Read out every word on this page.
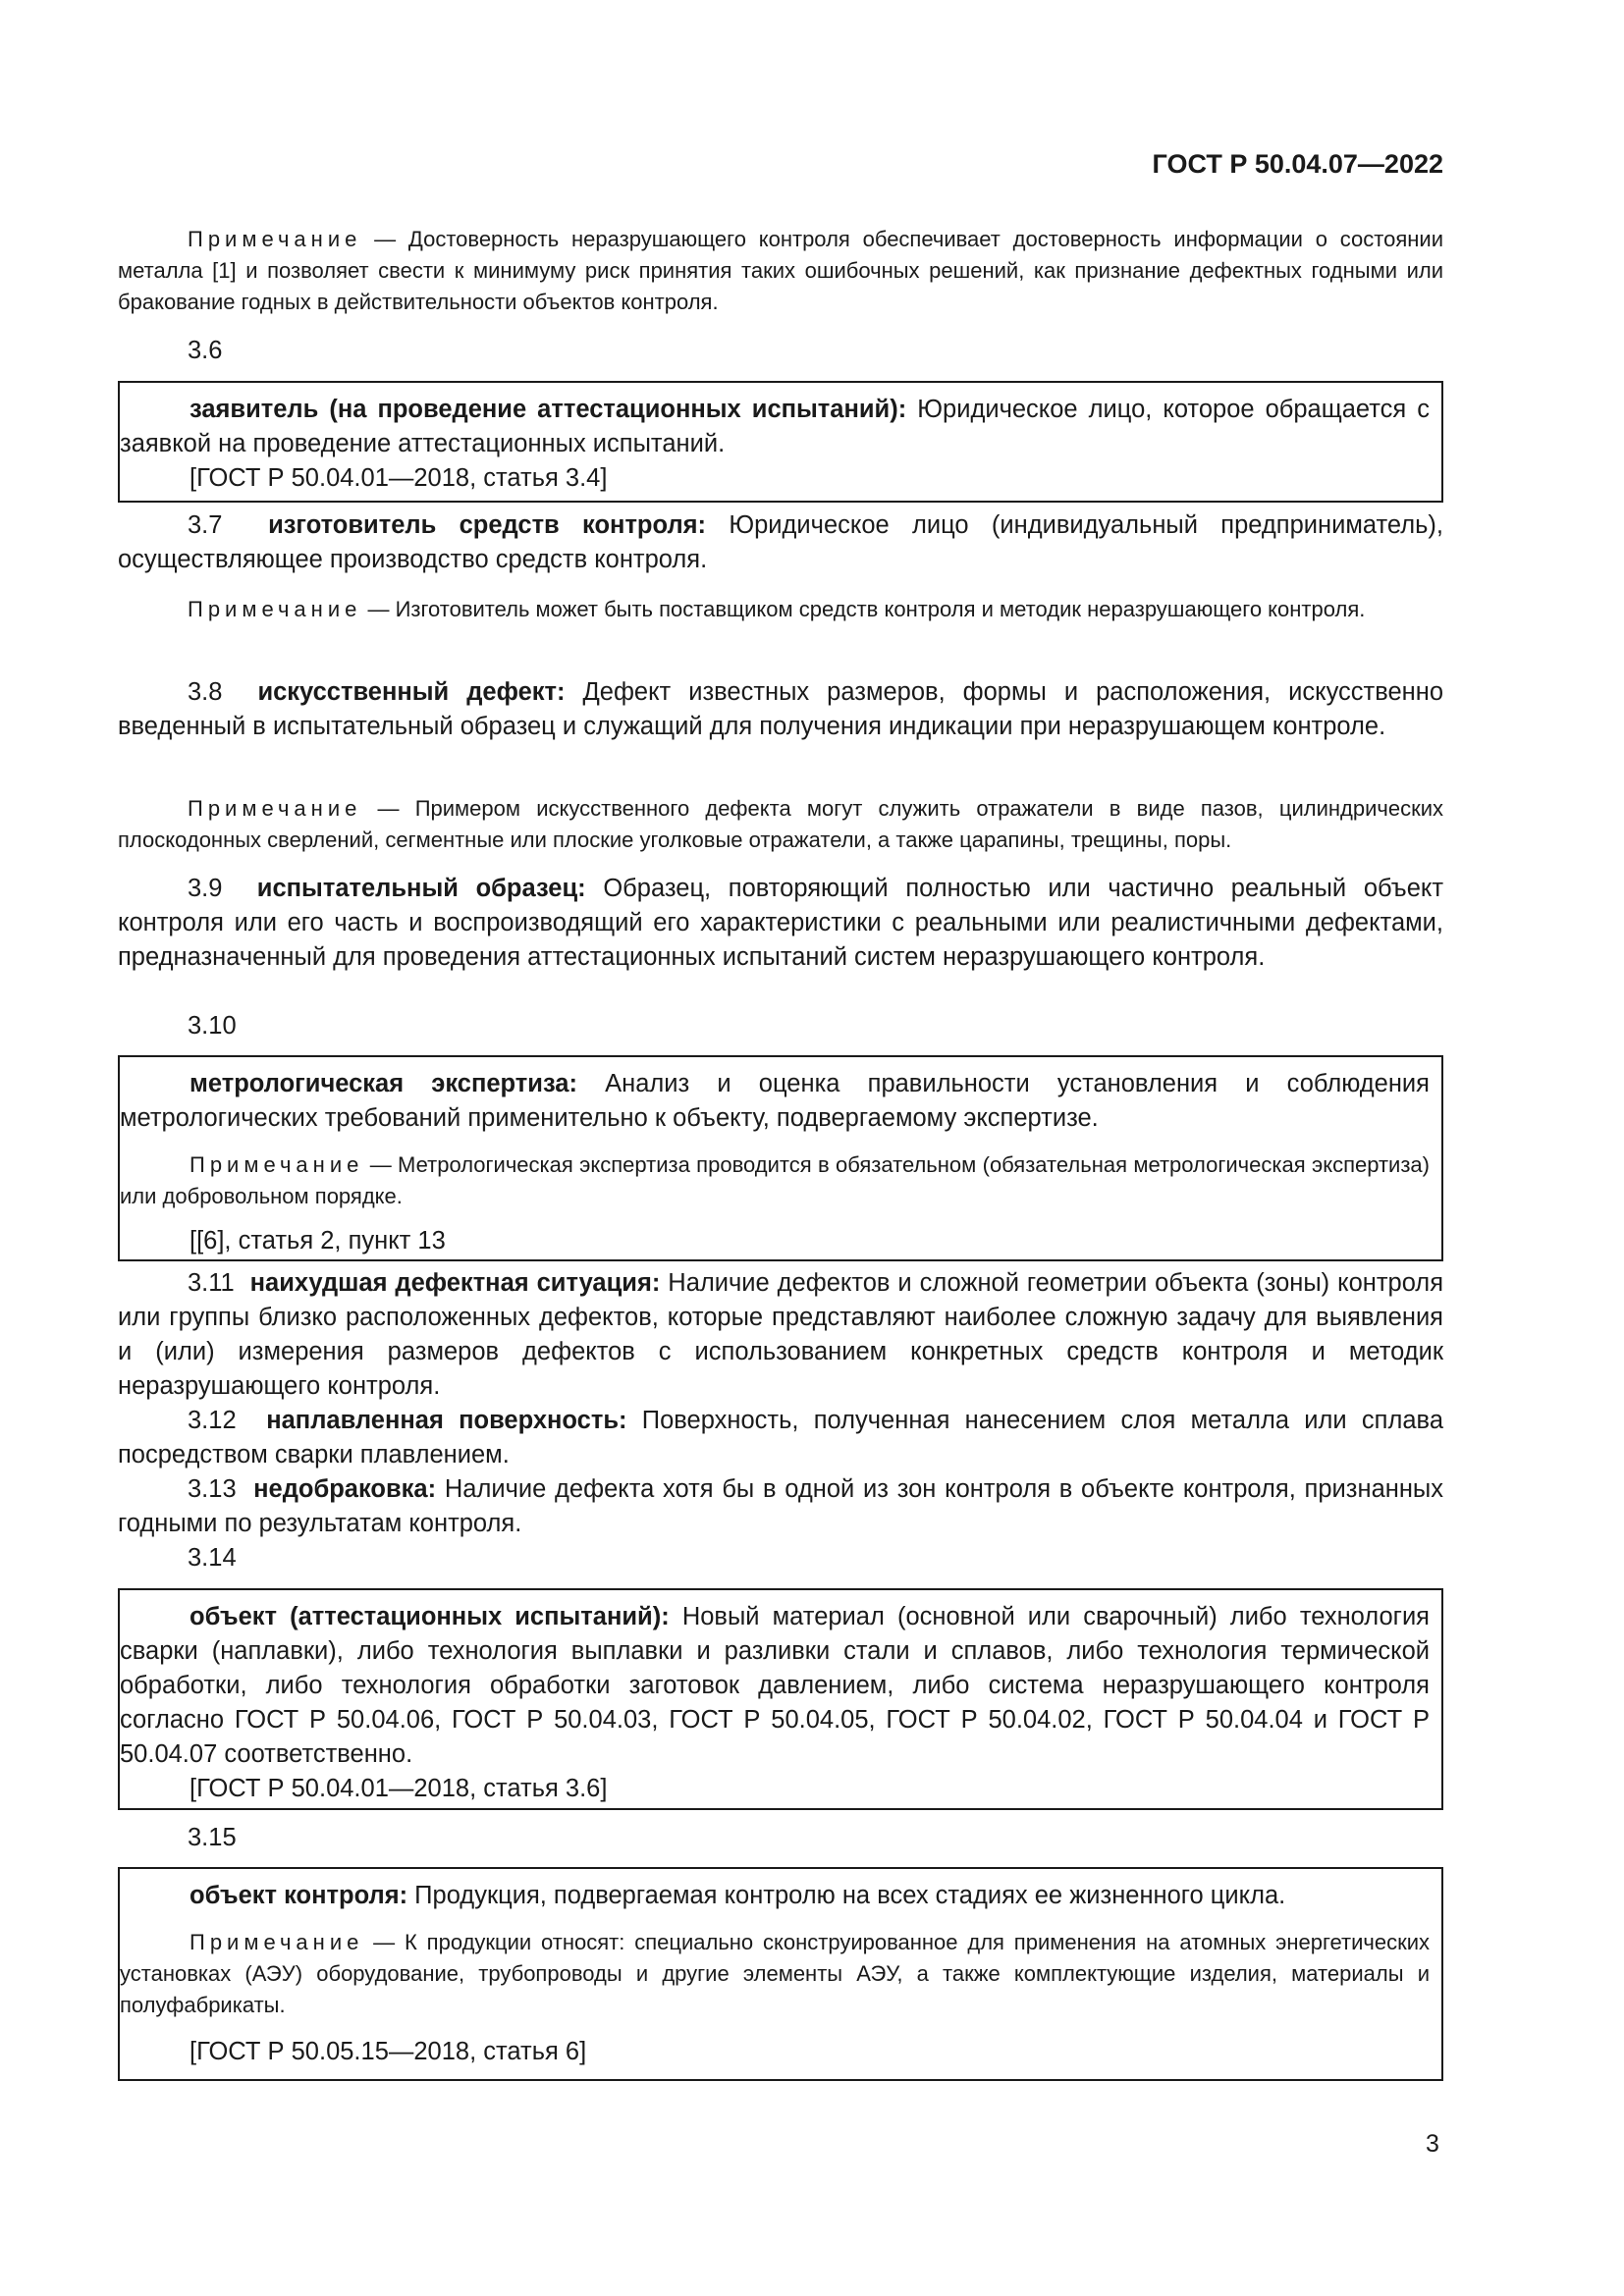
ГОСТ Р 50.04.07—2022

Примечание — Достоверность неразрушающего контроля обеспечивает достоверность информации о состоянии металла [1] и позволяет свести к минимуму риск принятия таких ошибочных решений, как признание дефектных годными или бракование годных в действительности объектов контроля.

3.6

заявитель (на проведение аттестационных испытаний): Юридическое лицо, которое обращается с заявкой на проведение аттестационных испытаний.

[ГОСТ Р 50.04.01—2018, статья 3.4]

3.7 изготовитель средств контроля: Юридическое лицо (индивидуальный предприниматель), осуществляющее производство средств контроля.

Примечание — Изготовитель может быть поставщиком средств контроля и методик неразрушающего контроля.

3.8 искусственный дефект: Дефект известных размеров, формы и расположения, искусственно введенный в испытательный образец и служащий для получения индикации при неразрушающем контроле.

Примечание — Примером искусственного дефекта могут служить отражатели в виде пазов, цилиндрических плоскодонных сверлений, сегментные или плоские уголковые отражатели, а также царапины, трещины, поры.

3.9 испытательный образец: Образец, повторяющий полностью или частично реальный объект контроля или его часть и воспроизводящий его характеристики с реальными или реалистичными дефектами, предназначенный для проведения аттестационных испытаний систем неразрушающего контроля.

3.10

метрологическая экспертиза: Анализ и оценка правильности установления и соблюдения метрологических требований применительно к объекту, подвергаемому экспертизе.

Примечание — Метрологическая экспертиза проводится в обязательном (обязательная метрологическая экспертиза) или добровольном порядке.

[[6], статья 2, пункт 13

3.11 наихудшая дефектная ситуация: Наличие дефектов и сложной геометрии объекта (зоны) контроля или группы близко расположенных дефектов, которые представляют наиболее сложную задачу для выявления и (или) измерения размеров дефектов с использованием конкретных средств контроля и методик неразрушающего контроля.

3.12 наплавленная поверхность: Поверхность, полученная нанесением слоя металла или сплава посредством сварки плавлением.

3.13 недобраковка: Наличие дефекта хотя бы в одной из зон контроля в объекте контроля, признанных годными по результатам контроля.

3.14

объект (аттестационных испытаний): Новый материал (основной или сварочный) либо технология сварки (наплавки), либо технология выплавки и разливки стали и сплавов, либо технология термической обработки, либо технология обработки заготовок давлением, либо система неразрушающего контроля согласно ГОСТ Р 50.04.06, ГОСТ Р 50.04.03, ГОСТ Р 50.04.05, ГОСТ Р 50.04.02, ГОСТ Р 50.04.04 и ГОСТ Р 50.04.07 соответственно.

[ГОСТ Р 50.04.01—2018, статья 3.6]

3.15

объект контроля: Продукция, подвергаемая контролю на всех стадиях ее жизненного цикла.

Примечание — К продукции относят: специально сконструированное для применения на атомных энергетических установках (АЭУ) оборудование, трубопроводы и другие элементы АЭУ, а также комплектующие изделия, материалы и полуфабрикаты.

[ГОСТ Р 50.05.15—2018, статья 6]

3
